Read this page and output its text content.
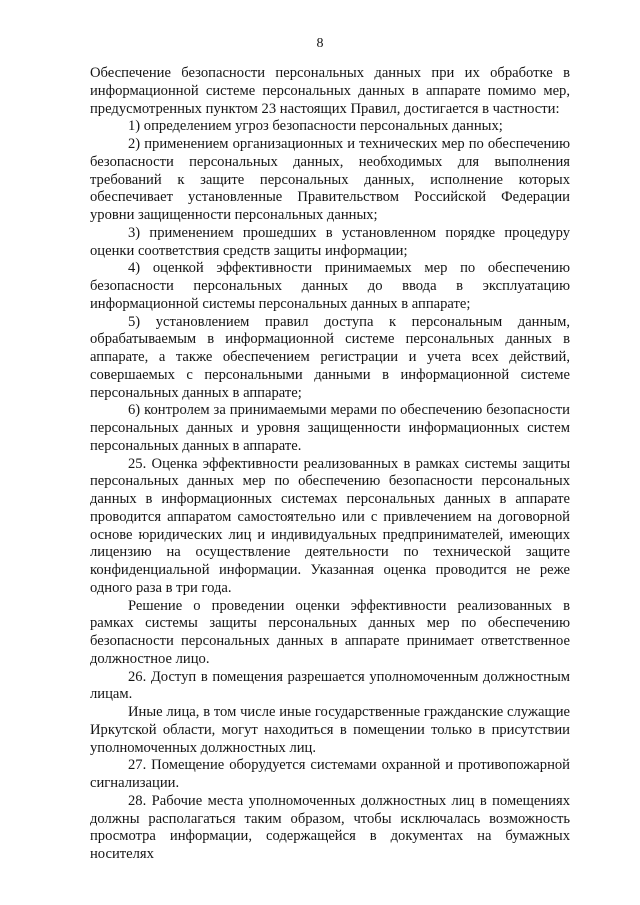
8

Обеспечение безопасности персональных данных при их обработке в информационной системе персональных данных в аппарате помимо мер, предусмотренных пунктом 23 настоящих Правил, достигается в частности:

1) определением угроз безопасности персональных данных;

2) применением организационных и технических мер по обеспечению безопасности персональных данных, необходимых для выполнения требований к защите персональных данных, исполнение которых обеспечивает установленные Правительством Российской Федерации уровни защищенности персональных данных;

3) применением прошедших в установленном порядке процедуру оценки соответствия средств защиты информации;

4) оценкой эффективности принимаемых мер по обеспечению безопасности персональных данных до ввода в эксплуатацию информационной системы персональных данных в аппарате;

5) установлением правил доступа к персональным данным, обрабатываемым в информационной системе персональных данных в аппарате, а также обеспечением регистрации и учета всех действий, совершаемых с персональными данными в информационной системе персональных данных в аппарате;

6) контролем за принимаемыми мерами по обеспечению безопасности персональных данных и уровня защищенности информационных систем персональных данных в аппарате.

25. Оценка эффективности реализованных в рамках системы защиты персональных данных мер по обеспечению безопасности персональных данных в информационных системах персональных данных в аппарате проводится аппаратом самостоятельно или с привлечением на договорной основе юридических лиц и индивидуальных предпринимателей, имеющих лицензию на осуществление деятельности по технической защите конфиденциальной информации. Указанная оценка проводится не реже одного раза в три года.

Решение о проведении оценки эффективности реализованных в рамках системы защиты персональных данных мер по обеспечению безопасности персональных данных в аппарате принимает ответственное должностное лицо.

26. Доступ в помещения разрешается уполномоченным должностным лицам.

Иные лица, в том числе иные государственные гражданские служащие Иркутской области, могут находиться в помещении только в присутствии уполномоченных должностных лиц.

27. Помещение оборудуется системами охранной и противопожарной сигнализации.

28. Рабочие места уполномоченных должностных лиц в помещениях должны располагаться таким образом, чтобы исключалась возможность просмотра информации, содержащейся в документах на бумажных носителях
